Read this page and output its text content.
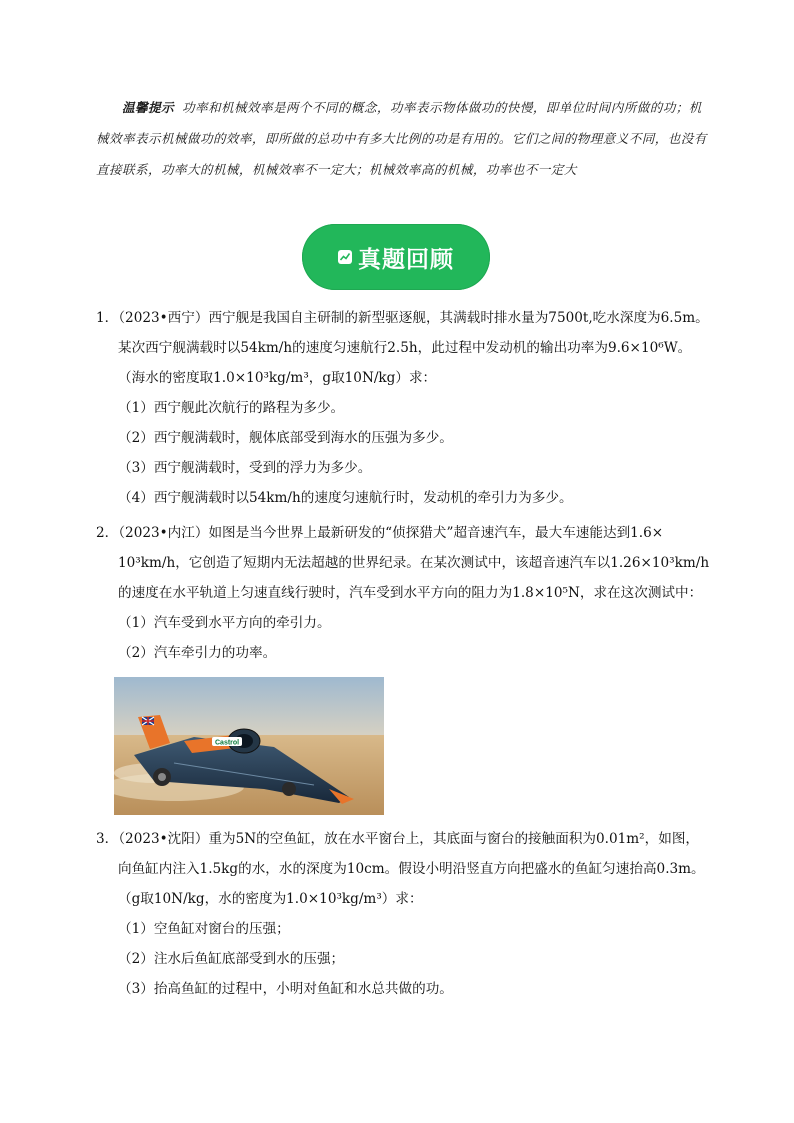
温馨提示 功率和机械效率是两个不同的概念，功率表示物体做功的快慢，即单位时间内所做的功；机械效率表示机械做功的效率，即所做的总功中有多大比例的功是有用的。它们之间的物理意义不同，也没有直接联系，功率大的机械，机械效率不一定大；机械效率高的机械，功率也不一定大
真题回顾

1．（2023•西宁）西宁舰是我国自主研制的新型驱逐舰，其满载时排水量为7500t,吃水深度为6.5m。

某次西宁舰满载时以54km/h的速度匀速航行2.5h，此过程中发动机的输出功率为9.6×10⁶W。

（海水的密度取1.0×10³kg/m³，g取10N/kg）求：

（1）西宁舰此次航行的路程为多少。

（2）西宁舰满载时，舰体底部受到海水的压强为多少。

（3）西宁舰满载时，受到的浮力为多少。

（4）西宁舰满载时以54km/h的速度匀速航行时，发动机的牵引力为多少。

2．（2023•内江）如图是当今世界上最新研发的“侦探猎犬”超音速汽车，最大车速能达到1.6×

10³km/h，它创造了短期内无法超越的世界纪录。在某次测试中，该超音速汽车以1.26×10³km/h

的速度在水平轨道上匀速直线行驶时，汽车受到水平方向的阻力为1.8×10⁵N，求在这次测试中：

（1）汽车受到水平方向的牵引力。

（2）汽车牵引力的功率。

Castrol

3．（2023•沈阳）重为5N的空鱼缸，放在水平窗台上，其底面与窗台的接触面积为0.01m²，如图，

向鱼缸内注入1.5kg的水，水的深度为10cm。假设小明沿竖直方向把盛水的鱼缸匀速抬高0.3m。

（g取10N/kg，水的密度为1.0×10³kg/m³）求：

（1）空鱼缸对窗台的压强；

（2）注水后鱼缸底部受到水的压强；

（3）抬高鱼缸的过程中，小明对鱼缸和水总共做的功。
